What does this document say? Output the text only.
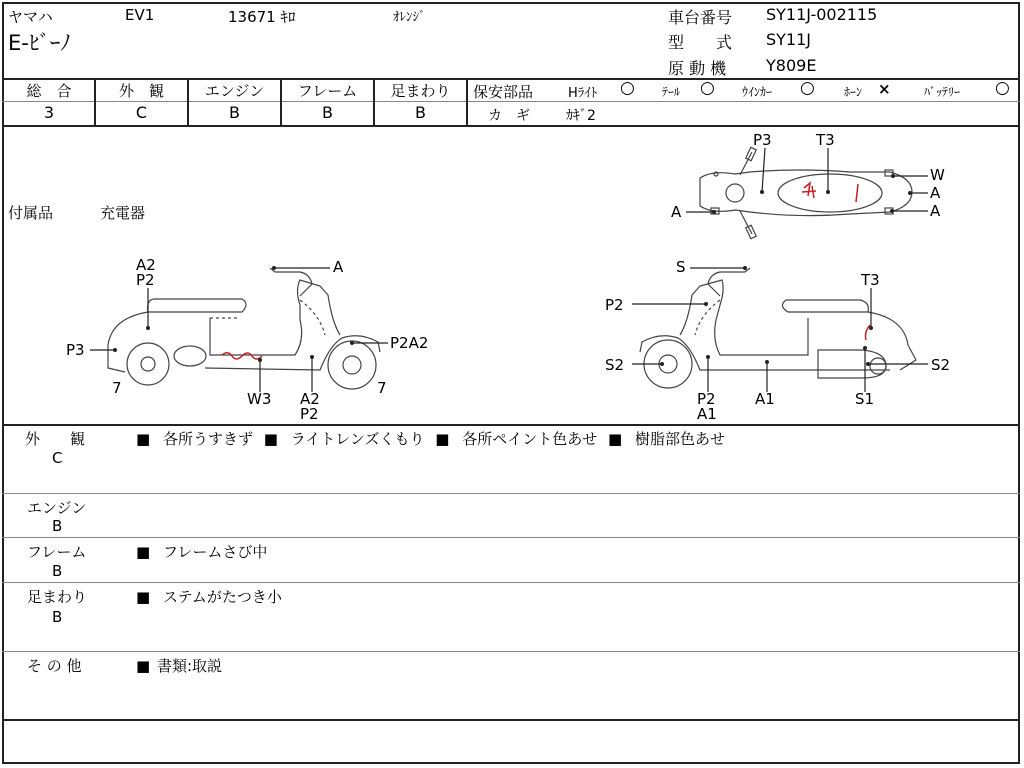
ヤマハ	EV1	13671 ｷﾛ	ｵﾚﾝｼﾞ
E-ﾋﾞｰﾉ
車台番号 SY11J-002115
型　　式 SY11J
原 動 機 Y809E
総　合	外　観	エンジン	フレーム	足まわり
3	C	B	B	B
保安部品	Hﾗｲﾄ ○ ﾃｰﾙ ○ ｳｲﾝｶｰ ○ ﾎｰﾝ ×	ﾊﾞｯﾃﾘｰ ○
カ　ギ	ｶｷﾞ2
付属品	充電器
P3	T3
W
A
A
A
A2
P2
A
P3	P2A2
7
W3 A2
P2
7
S
T3
P2
S2	S2
P2
A1
A1	S1
外　　観
C
■ 各所うすきず ■ ライトレンズくもり ■ 各所ペイント色あせ ■ 樹脂部色あせ
エンジン
B
フレーム
B
■ フレームさび中
足まわり
B
■ ステムがたつき小
そ の 他	■ 書類:取説
